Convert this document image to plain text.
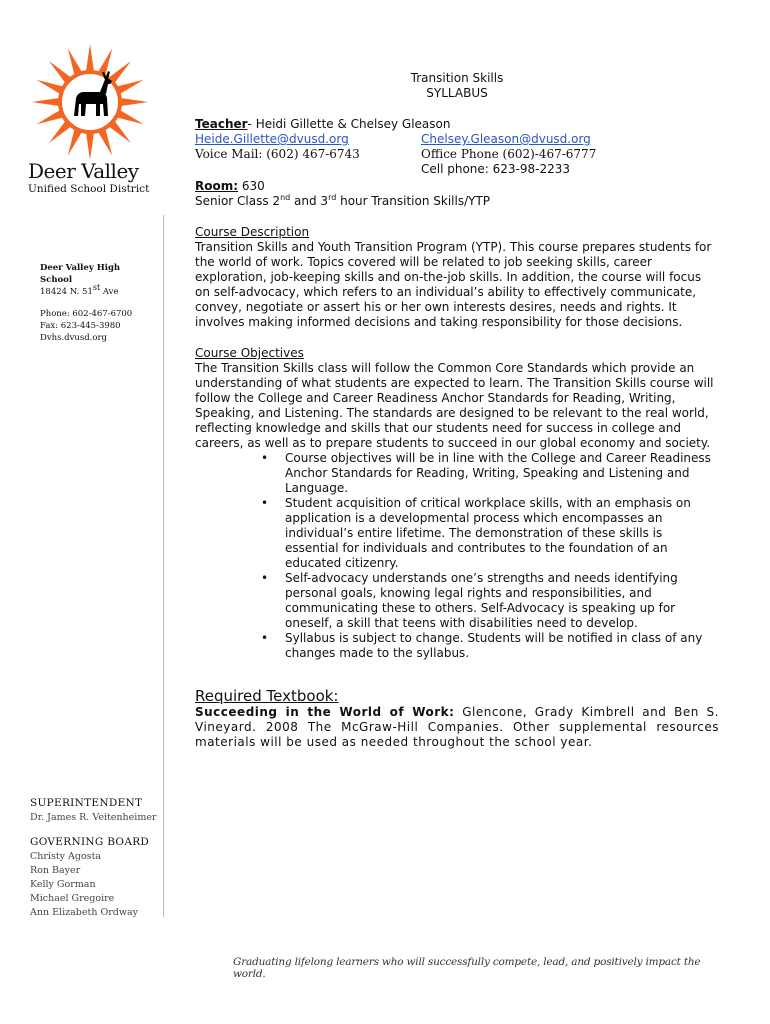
Deer Valley
Unified School District
Deer Valley High
School
18424 N. 51st Ave
Phone: 602-467-6700
Fax: 623-445-3980
Dvhs.dvusd.org
SUPERINTENDENT
Dr. James R. Veitenheimer
GOVERNING BOARD
Christy Agosta
Ron Bayer
Kelly Gorman
Michael Gregoire
Ann Elizabeth Ordway
Transition Skills
SYLLABUS
Teacher- Heidi Gillette & Chelsey Gleason
Heide.Gillette@dvusd.org	Chelsey.Gleason@dvusd.org
Voice Mail: (602) 467-6743	Office Phone (602)-467-6777
Cell phone: 623-98-2233
Room: 630
Senior Class 2nd and 3rd hour Transition Skills/YTP
Course Description

Transition Skills and Youth Transition Program (YTP). This course prepares students for the world of work. Topics covered will be related to job seeking skills, career exploration, job-keeping skills and on-the-job skills. In addition, the course will focus on self-advocacy, which refers to an individual’s ability to effectively communicate, convey, negotiate or assert his or her own interests desires, needs and rights. It involves making informed decisions and taking responsibility for those decisions.

Course Objectives

The Transition Skills class will follow the Common Core Standards which provide an understanding of what students are expected to learn. The Transition Skills course will follow the College and Career Readiness Anchor Standards for Reading, Writing, Speaking, and Listening. The standards are designed to be relevant to the real world, reflecting knowledge and skills that our students need for success in college and careers, as well as to prepare students to succeed in our global economy and society.

• Course objectives will be in line with the College and Career Readiness Anchor Standards for Reading, Writing, Speaking and Listening and Language.
• Student acquisition of critical workplace skills, with an emphasis on application is a developmental process which encompasses an individual’s entire lifetime. The demonstration of these skills is essential for individuals and contributes to the foundation of an educated citizenry.
• Self-advocacy understands one’s strengths and needs identifying personal goals, knowing legal rights and responsibilities, and communicating these to others. Self-Advocacy is speaking up for oneself, a skill that teens with disabilities need to develop.
• Syllabus is subject to change. Students will be notified in class of any changes made to the syllabus.
Required Textbook:

Succeeding in the World of Work: Glencone, Grady Kimbrell and Ben S. Vineyard. 2008 The McGraw-Hill Companies. Other supplemental resources materials will be used as needed throughout the school year.

Graduating lifelong learners who will successfully compete, lead, and positively impact the world.
